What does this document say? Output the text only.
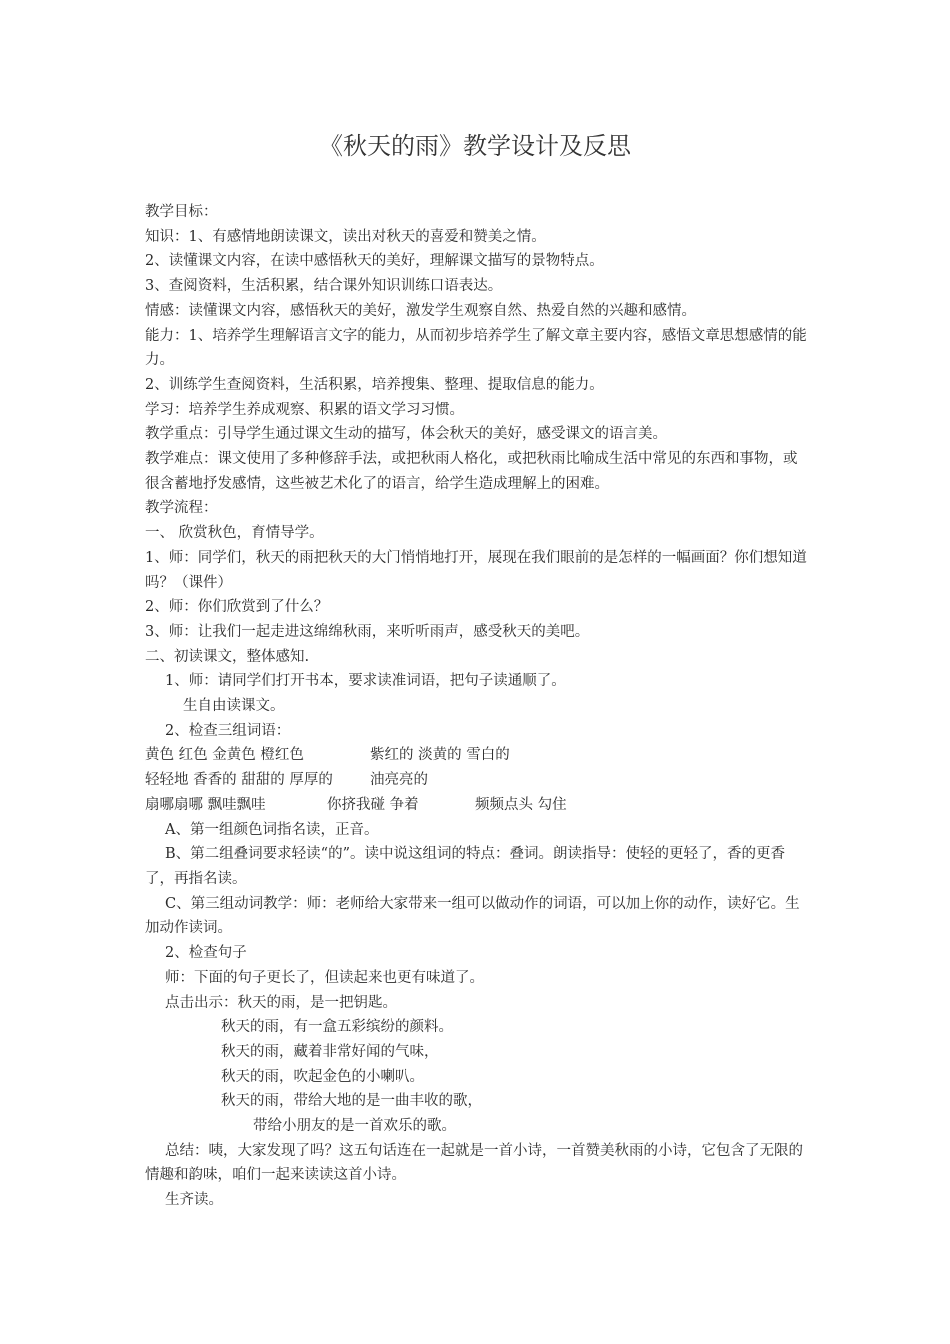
《秋天的雨》教学设计及反思

教学目标：

知识：1、有感情地朗读课文，读出对秋天的喜爱和赞美之情。

2、读懂课文内容，在读中感悟秋天的美好，理解课文描写的景物特点。

3、查阅资料，生活积累，结合课外知识训练口语表达。

情感：读懂课文内容，感悟秋天的美好，激发学生观察自然、热爱自然的兴趣和感情。

能力：1、培养学生理解语言文字的能力，从而初步培养学生了解文章主要内容，感悟文章思想感情的能力。

2、训练学生查阅资料，生活积累，培养搜集、整理、提取信息的能力。

学习：培养学生养成观察、积累的语文学习习惯。

教学重点：引导学生通过课文生动的描写，体会秋天的美好，感受课文的语言美。

教学难点：课文使用了多种修辞手法，或把秋雨人格化，或把秋雨比喻成生活中常见的东西和事物，或很含蓄地抒发感情，这些被艺术化了的语言，给学生造成理解上的困难。

教学流程：

一、 欣赏秋色，育情导学。

1、师：同学们，秋天的雨把秋天的大门悄悄地打开，展现在我们眼前的是怎样的一幅画面？你们想知道吗？（课件）

2、师：你们欣赏到了什么？

3、师：让我们一起走进这绵绵秋雨，来听听雨声，感受秋天的美吧。

二、初读课文，整体感知.

1、师：请同学们打开书本，要求读准词语，把句子读通顺了。

生自由读课文。

2、检查三组词语：

黄色 红色 金黄色 橙红色	紫红的 淡黄的 雪白的
轻轻地 香香的 甜甜的 厚厚的	油亮亮的
扇哪扇哪 飘哇飘哇	你挤我碰 争着	频频点头 勾住

A、第一组颜色词指名读，正音。

B、第二组叠词要求轻读“的”。读中说这组词的特点：叠词。朗读指导：使轻的更轻了，香的更香了，再指名读。

C、第三组动词教学：师：老师给大家带来一组可以做动作的词语，可以加上你的动作，读好它。生加动作读词。

2、检查句子

师：下面的句子更长了，但读起来也更有味道了。

点击出示：秋天的雨，是一把钥匙。

秋天的雨，有一盒五彩缤纷的颜料。

秋天的雨，藏着非常好闻的气味，

秋天的雨，吹起金色的小喇叭。

秋天的雨，带给大地的是一曲丰收的歌，

带给小朋友的是一首欢乐的歌。

总结：咦，大家发现了吗？这五句话连在一起就是一首小诗，一首赞美秋雨的小诗，它包含了无限的情趣和韵味，咱们一起来读读这首小诗。

生齐读。
